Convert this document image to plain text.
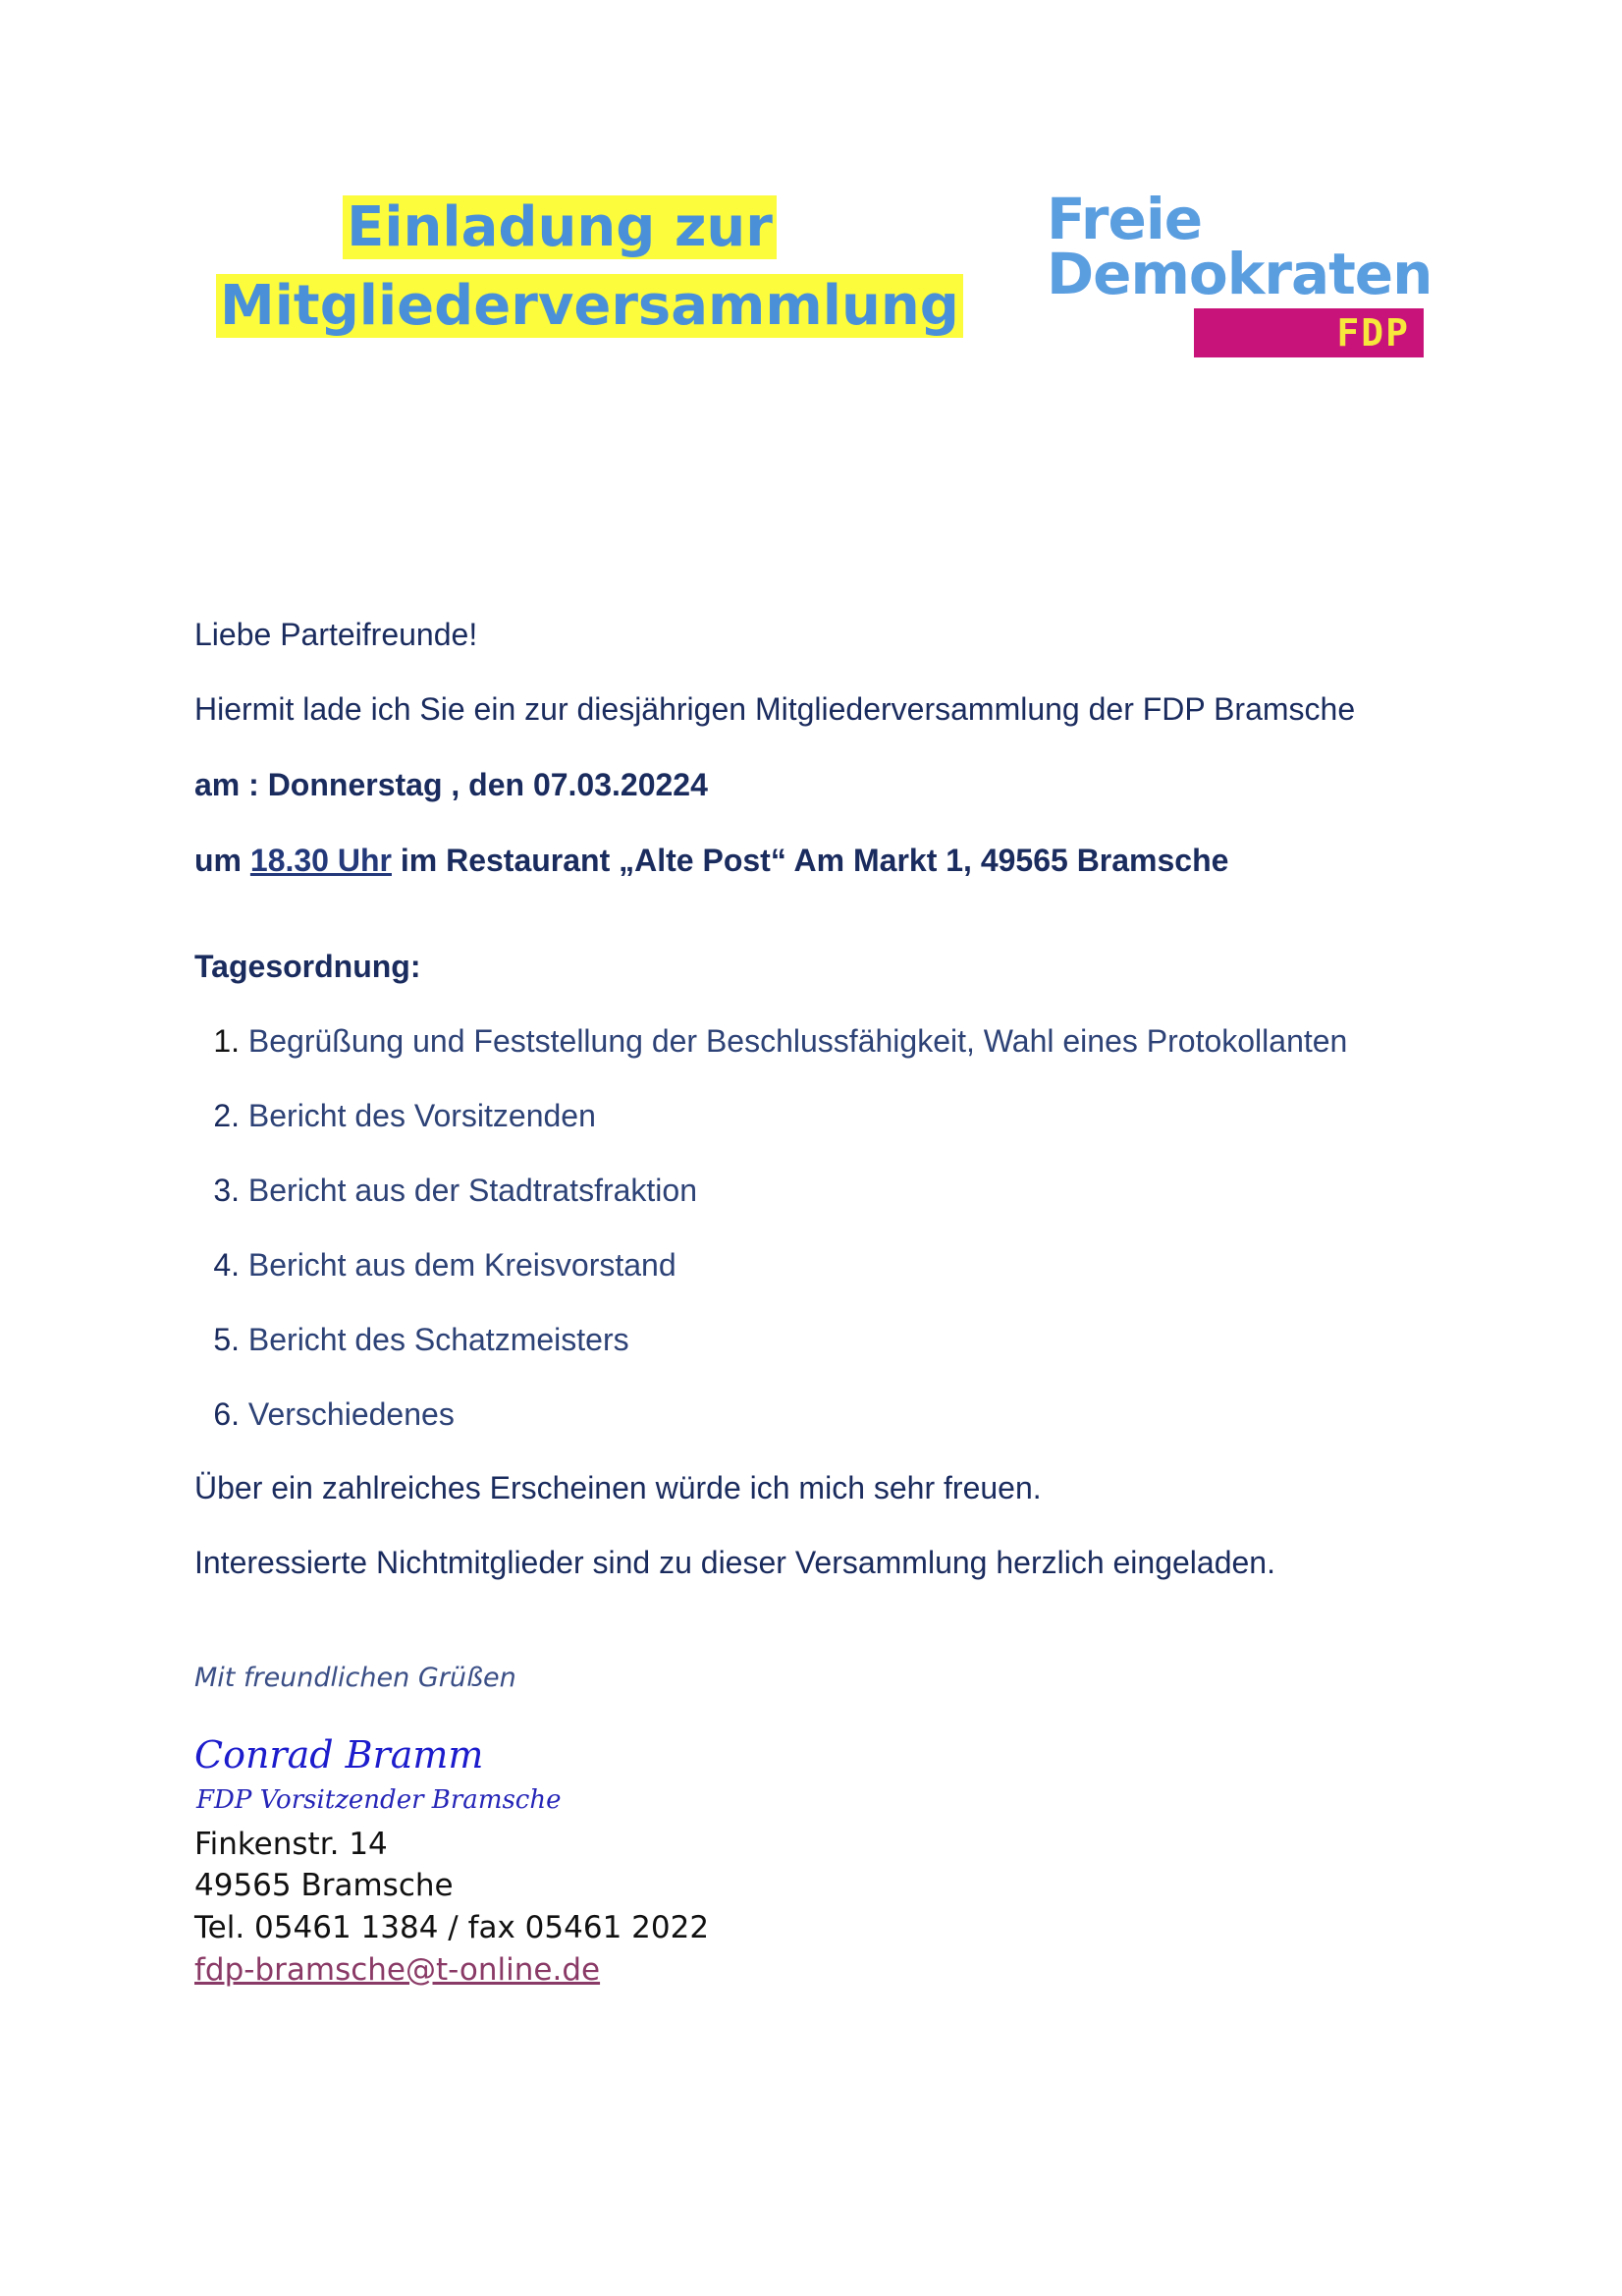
Einladung zur
Mitgliederversammlung
Freie
Demokraten
FDP
Liebe Parteifreunde!
Hiermit lade ich Sie ein zur diesjährigen Mitgliederversammlung der FDP Bramsche
am : Donnerstag , den 07.03.20224
um 18.30 Uhr im Restaurant „Alte Post“ Am Markt 1, 49565 Bramsche
Tagesordnung:
1. Begrüßung und Feststellung der Beschlussfähigkeit, Wahl eines Protokollanten
2. Bericht des Vorsitzenden
3. Bericht aus der Stadtratsfraktion
4. Bericht aus dem Kreisvorstand
5. Bericht des Schatzmeisters
6. Verschiedenes
Über ein zahlreiches Erscheinen würde ich mich sehr freuen.
Interessierte Nichtmitglieder sind zu dieser Versammlung herzlich eingeladen.
Mit freundlichen Grüßen
Conrad Bramm
FDP Vorsitzender Bramsche
Finkenstr. 14
49565 Bramsche
Tel. 05461 1384 / fax 05461 2022
fdp-bramsche@t-online.de
